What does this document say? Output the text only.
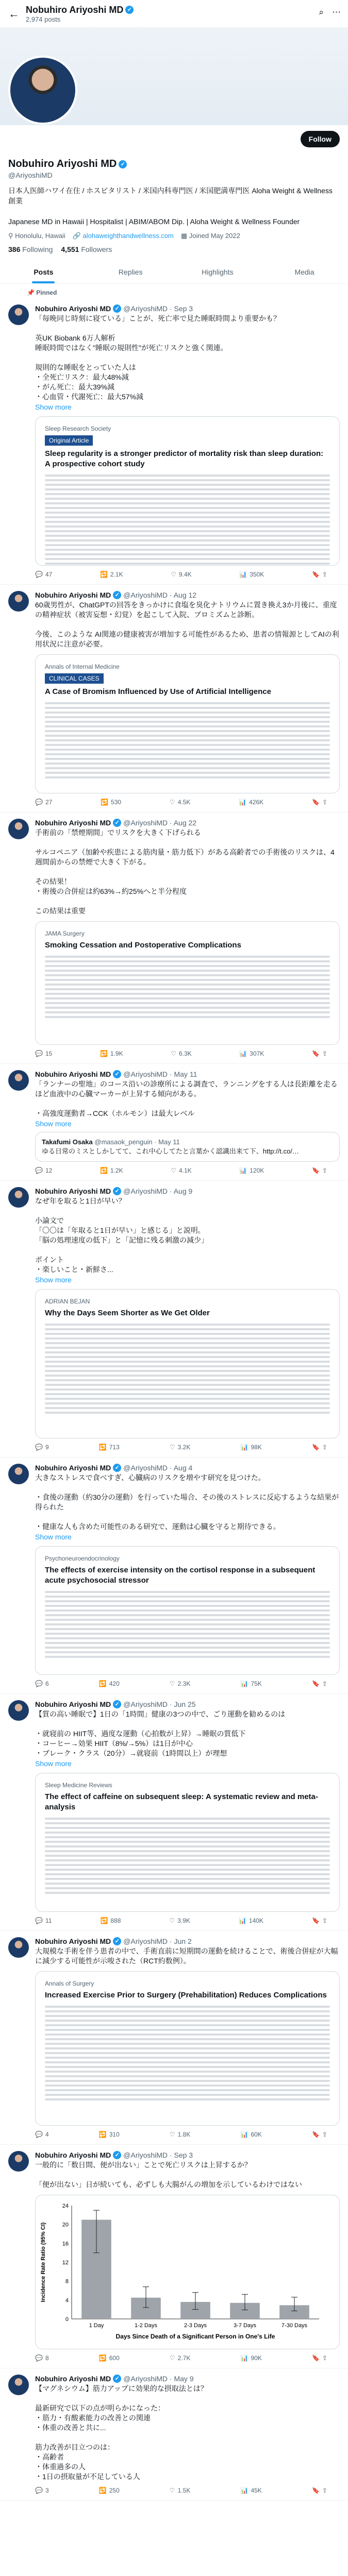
← Nobuhiro Ariyoshi MD ✓
2,974 posts
⌕ ⋯
Follow
Nobuhiro Ariyoshi MD ✓
@AriyoshiMD
日本人医師ハワイ在住 / ホスピタリスト / 米国内科専門医 / 米国肥満専門医 Aloha Weight & Wellness 創業

Japanese MD in Hawaii | Hospitalist | ABIM/ABOM Dip. | Aloha Weight & Wellness Founder
⚲ Honolulu, Hawaii 🔗 alohaweighthandwellness.com ▦ Joined May 2022
386 Following 4,551 Followers
Posts	Replies	Highlights	Media
📌 Pinned
Nobuhiro Ariyoshi MD ✓ @AriyoshiMD · Sep 3
「毎晩同じ時刻に寝ている」ことが、死亡率で見た睡眠時間より重要かも？

英UK Biobank 6万人解析
睡眠時間ではなく"睡眠の規則性"が死亡リスクと強く関連。

規則的な睡眠をとっていた人は
・全死亡リスク：最大48%減
・がん死亡：最大39%減
・心血管・代謝死亡：最大57%減
Show more
Sleep Research Society
Original Article
Sleep regularity is a stronger predictor of mortality risk than sleep duration: A prospective cohort study
💬 47	🔁 2.1K	♡ 9.4K	📊 350K	🔖 ⇪
Nobuhiro Ariyoshi MD ✓ @AriyoshiMD · Aug 12
60歳男性が、ChatGPTの回答をきっかけに食塩を臭化ナトリウムに置き換え3か月後に、重度の精神症状（被害妄想・幻覚）を起こして入院、ブロミズムと診断。

今後、このような AI関連の健康被害が増加する可能性があるため、患者の情報源としてAIの利用状況に注意が必要。
Annals of Internal Medicine
CLINICAL CASES
A Case of Bromism Influenced by Use of Artificial Intelligence
💬 27	🔁 530	♡ 4.5K	📊 426K	🔖 ⇪
Nobuhiro Ariyoshi MD ✓ @AriyoshiMD · Aug 22
手術前の「禁煙期間」でリスクを大きく下げられる

サルコペニア（加齢や疾患による筋肉量・筋力低下）がある高齢者での手術後のリスクは、4週間前からの禁煙で大きく下がる。

その結果！
・術後の合併症は約63%→約25%へと半分程度

この結果は重要
JAMA Surgery
Smoking Cessation and Postoperative Complications
💬 15	🔁 1.9K	♡ 6.3K	📊 307K	🔖 ⇪
Nobuhiro Ariyoshi MD ✓ @AriyoshiMD · May 11
「ランナーの聖地」のコース沿いの診療所による調査で、ランニングをする人は長距離を走るほど血液中の心臓マーカーが上昇する傾向がある。

・高強度運動者→CCK（ホルモン）は最大レベル
Show more
Takafumi Osaka @masaok_penguin · May 11
ゆる日常のミスとしかしてて、これ中心してたと言葉かく認識出来て下、http://t.co/…
💬 12	🔁 1.2K	♡ 4.1K	📊 120K	🔖 ⇪
Nobuhiro Ariyoshi MD ✓ @AriyoshiMD · Aug 9
なぜ年を取ると1日が早い？

小論文で
「〇〇は「年取ると1日が早い」と感じる」と説明。
「脳の処理速度の低下」と「記憶に残る刺激の減少」

ポイント
・楽しいこと・新鮮さ...
Show more
ADRIAN BEJAN
Why the Days Seem Shorter as We Get Older
💬 9	🔁 713	♡ 3.2K	📊 98K	🔖 ⇪
Nobuhiro Ariyoshi MD ✓ @AriyoshiMD · Aug 4
大きなストレスで食べすぎ、心臓病のリスクを増やす研究を見つけた。

・食後の運動（約30分の運動）を行っていた場合、その後のストレスに反応するような結果が得られた

・健康な人も含めた可能性のある研究で、運動は心臓を守ると期待できる。
Show more
Psychoneuroendocrinology
The effects of exercise intensity on the cortisol response in a subsequent acute psychosocial stressor
💬 6	🔁 420	♡ 2.3K	📊 75K	🔖 ⇪
Nobuhiro Ariyoshi MD ✓ @AriyoshiMD · Jun 25
【質の高い睡眠で】1日の「1時間」健康の3つの中で、ごり運動を勧めるのは

・就寝前の HIIT等、過度な運動（心拍数が上昇）→睡眠の質低下
・コーヒー→効果 HIIT（8%/→5%）は1日が中心
・ブレーク・クラス（20分）→就寝前（1時間以上）が理想
Show more
Sleep Medicine Reviews
The effect of caffeine on subsequent sleep: A systematic review and meta-analysis
💬 11	🔁 888	♡ 3.9K	📊 140K	🔖 ⇪
Nobuhiro Ariyoshi MD ✓ @AriyoshiMD · Jun 2
大規模な手術を伴う患者の中で、手術直前に短期間の運動を続けることで、術後合併症が大幅に減少する可能性が示唆された（RCT約数例）。
Annals of Surgery
Increased Exercise Prior to Surgery (Prehabilitation) Reduces Complications
💬 4	🔁 310	♡ 1.8K	📊 60K	🔖 ⇪
Nobuhiro Ariyoshi MD ✓ @AriyoshiMD · Sep 3
一般的に「数日間、便が出ない」ことで死亡リスクは上昇するか？

「便が出ない」日が続いても、必ずしも大腸がんの増加を示しているわけではない
0
4
8
12
16
20
24
1 Day	1-2 Days	2-3 Days	3-7 Days	7-30 Days
Days Since Death of a Significant Person in One's Life
Incidence Rate Ratio (95% CI)
💬 8	🔁 600	♡ 2.7K	📊 90K	🔖 ⇪
Nobuhiro Ariyoshi MD ✓ @AriyoshiMD · May 9
【マグネシウム】筋力アップに効果的な摂取法とは？

最新研究で以下の点が明らかになった：
・筋力・有酸素能力の改善との関連
・体重の改善と共に...

筋力改善が目立つのは：
・高齢者
・体重過多の人
・1日の摂取量が不足している人
💬 3	🔁 250	♡ 1.5K	📊 45K	🔖 ⇪
